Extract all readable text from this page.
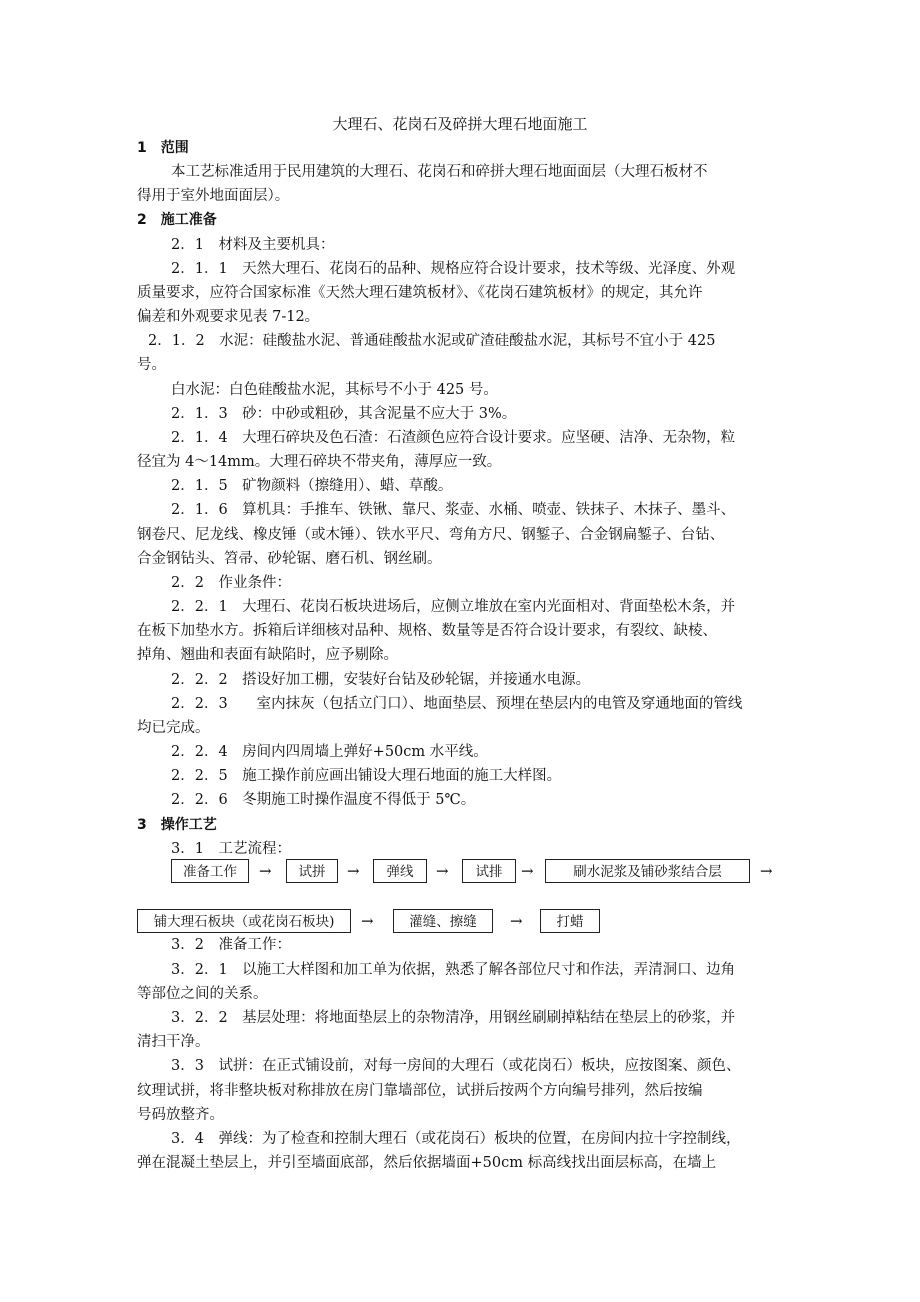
大理石、花岗石及碎拼大理石地面施工
1　范围
本工艺标准适用于民用建筑的大理石、花岗石和碎拼大理石地面面层（大理石板材不
得用于室外地面面层）。
2　施工准备
2．1　材料及主要机具：
2．1．1　天然大理石、花岗石的品种、规格应符合设计要求，技术等级、光泽度、外观
质量要求，应符合国家标准《天然大理石建筑板材》、《花岗石建筑板材》的规定，其允许
偏差和外观要求见表 7-12。
2．1．2　水泥：硅酸盐水泥、普通硅酸盐水泥或矿渣硅酸盐水泥，其标号不宜小于 425
号。
白水泥：白色硅酸盐水泥，其标号不小于 425 号。
2．1．3　砂：中砂或粗砂，其含泥量不应大于 3%。
2．1．4　大理石碎块及色石渣：石渣颜色应符合设计要求。应坚硬、洁净、无杂物，粒
径宜为 4～14mm。大理石碎块不带夹角，薄厚应一致。
2．1．5　矿物颜料（擦缝用）、蜡、草酸。
2．1．6　算机具：手推车、铁锹、靠尺、浆壶、水桶、喷壶、铁抹子、木抹子、墨斗、
钢卷尺、尼龙线、橡皮锤（或木锤）、铁水平尺、弯角方尺、钢錾子、合金钢扁錾子、台钻、
合金钢钻头、笤帚、砂轮锯、磨石机、钢丝刷。
2．2　作业条件：
2．2．1　大理石、花岗石板块进场后，应侧立堆放在室内光面相对、背面垫松木条，并
在板下加垫水方。拆箱后详细核对品种、规格、数量等是否符合设计要求，有裂纹、缺棱、
掉角、翘曲和表面有缺陷时，应予剔除。
2．2．2　搭设好加工棚，安装好台钻及砂轮锯，并接通水电源。
2．2．3　　室内抹灰（包括立门口）、地面垫层、预埋在垫层内的电管及穿通地面的管线
均已完成。
2．2．4　房间内四周墙上弹好+50cm 水平线。
2．2．5　施工操作前应画出铺设大理石地面的施工大样图。
2．2．6　冬期施工时操作温度不得低于 5℃。
3　操作工艺
3．1　工艺流程：
准备工作	→	试拼	→	弹线	→	试排	→	刷水泥浆及铺砂浆结合层	→
铺大理石板块（或花岗石板块)	→	灌缝、擦缝	→	打蜡
3．2　准备工作：
3．2．1　以施工大样图和加工单为依据，熟悉了解各部位尺寸和作法，弄清洞口、边角
等部位之间的关系。
3．2．2　基层处理：将地面垫层上的杂物清净，用钢丝刷刷掉粘结在垫层上的砂浆，并
清扫干净。
3．3　试拼：在正式铺设前，对每一房间的大理石（或花岗石）板块，应按图案、颜色、
纹理试拼，将非整块板对称排放在房门靠墙部位，试拼后按两个方向编号排列，然后按编
号码放整齐。
3．4　弹线：为了检查和控制大理石（或花岗石）板块的位置，在房间内拉十字控制线，
弹在混凝土垫层上，并引至墙面底部，然后依据墙面+50cm 标高线找出面层标高，在墙上
